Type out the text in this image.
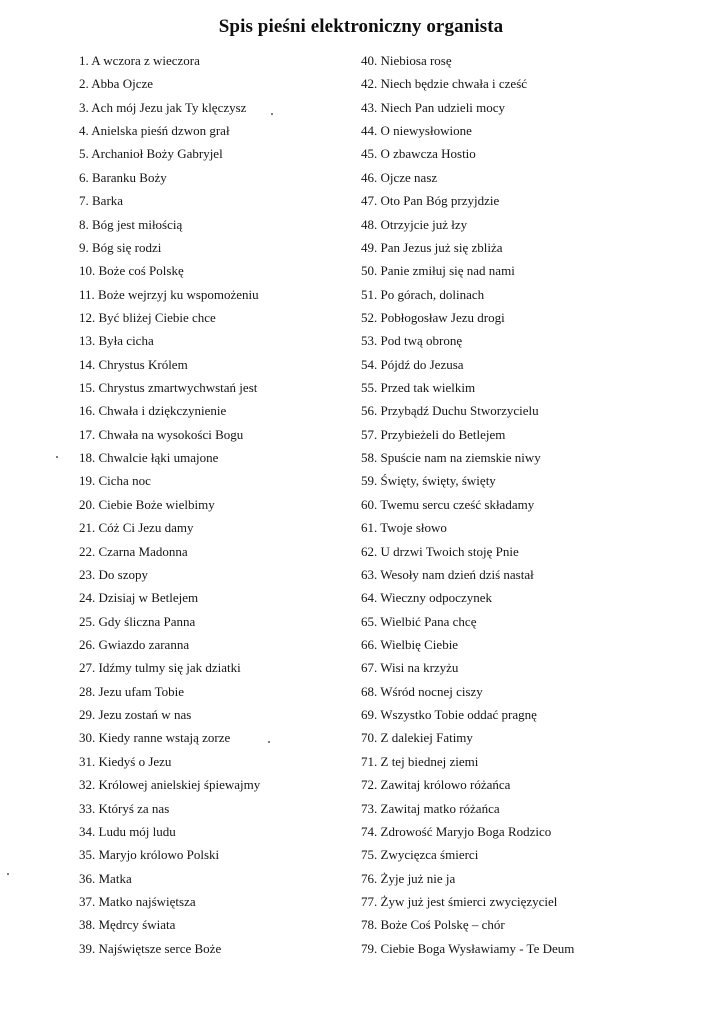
Spis pieśni elektroniczny organista
1. A wczora z wieczora
2. Abba Ojcze
3. Ach mój Jezu jak Ty klęczysz
4. Anielska pieśń dzwon grał
5. Archanioł Boży Gabryjel
6. Baranku Boży
7. Barka
8. Bóg jest miłością
9. Bóg się rodzi
10. Boże coś Polskę
11. Boże wejrzyj ku wspomożeniu
12. Być bliżej Ciebie chce
13. Była cicha
14. Chrystus Królem
15. Chrystus zmartwychwstań jest
16. Chwała i dziękczynienie
17. Chwała na wysokości Bogu
18. Chwalcie łąki umajone
19. Cicha noc
20. Ciebie Boże wielbimy
21. Cóż Ci Jezu damy
22. Czarna Madonna
23. Do szopy
24. Dzisiaj w Betlejem
25. Gdy śliczna Panna
26. Gwiazdo zaranna
27. Idźmy tulmy się jak dziatki
28. Jezu ufam Tobie
29. Jezu zostań w nas
30. Kiedy ranne wstają zorze
31. Kiedyś o Jezu
32. Królowej anielskiej śpiewajmy
33. Któryś za nas
34. Ludu mój ludu
35. Maryjo królowo Polski
36. Matka
37. Matko najświętsza
38. Mędrcy świata
39. Najświętsze serce Boże
40. Niebiosa rosę
42. Niech będzie chwała i cześć
43. Niech Pan udzieli mocy
44. O niewysłowione
45. O zbawcza Hostio
46. Ojcze nasz
47. Oto Pan Bóg przyjdzie
48. Otrzyjcie już łzy
49. Pan Jezus już się zbliża
50. Panie zmiłuj się nad nami
51. Po górach, dolinach
52. Pobłogosław Jezu drogi
53. Pod twą obronę
54. Pójdź do Jezusa
55. Przed tak wielkim
56. Przybądź Duchu Stworzycielu
57. Przybieżeli do Betlejem
58. Spuście nam na ziemskie niwy
59. Święty, święty, święty
60. Twemu sercu cześć składamy
61. Twoje słowo
62. U drzwi Twoich stoję Pnie
63. Wesoły nam dzień dziś nastał
64. Wieczny odpoczynek
65. Wielbić Pana chcę
66. Wielbię Ciebie
67. Wisi na krzyżu
68. Wśród nocnej ciszy
69. Wszystko Tobie oddać pragnę
70. Z dalekiej Fatimy
71. Z tej biednej ziemi
72. Zawitaj królowo różańca
73. Zawitaj matko różańca
74. Zdrowość Maryjo Boga Rodzico
75. Zwycięzca śmierci
76. Żyje już nie ja
77. Żyw już jest śmierci zwycięzyciel
78. Boże Coś Polskę – chór
79. Ciebie Boga Wysławiamy - Te Deum
